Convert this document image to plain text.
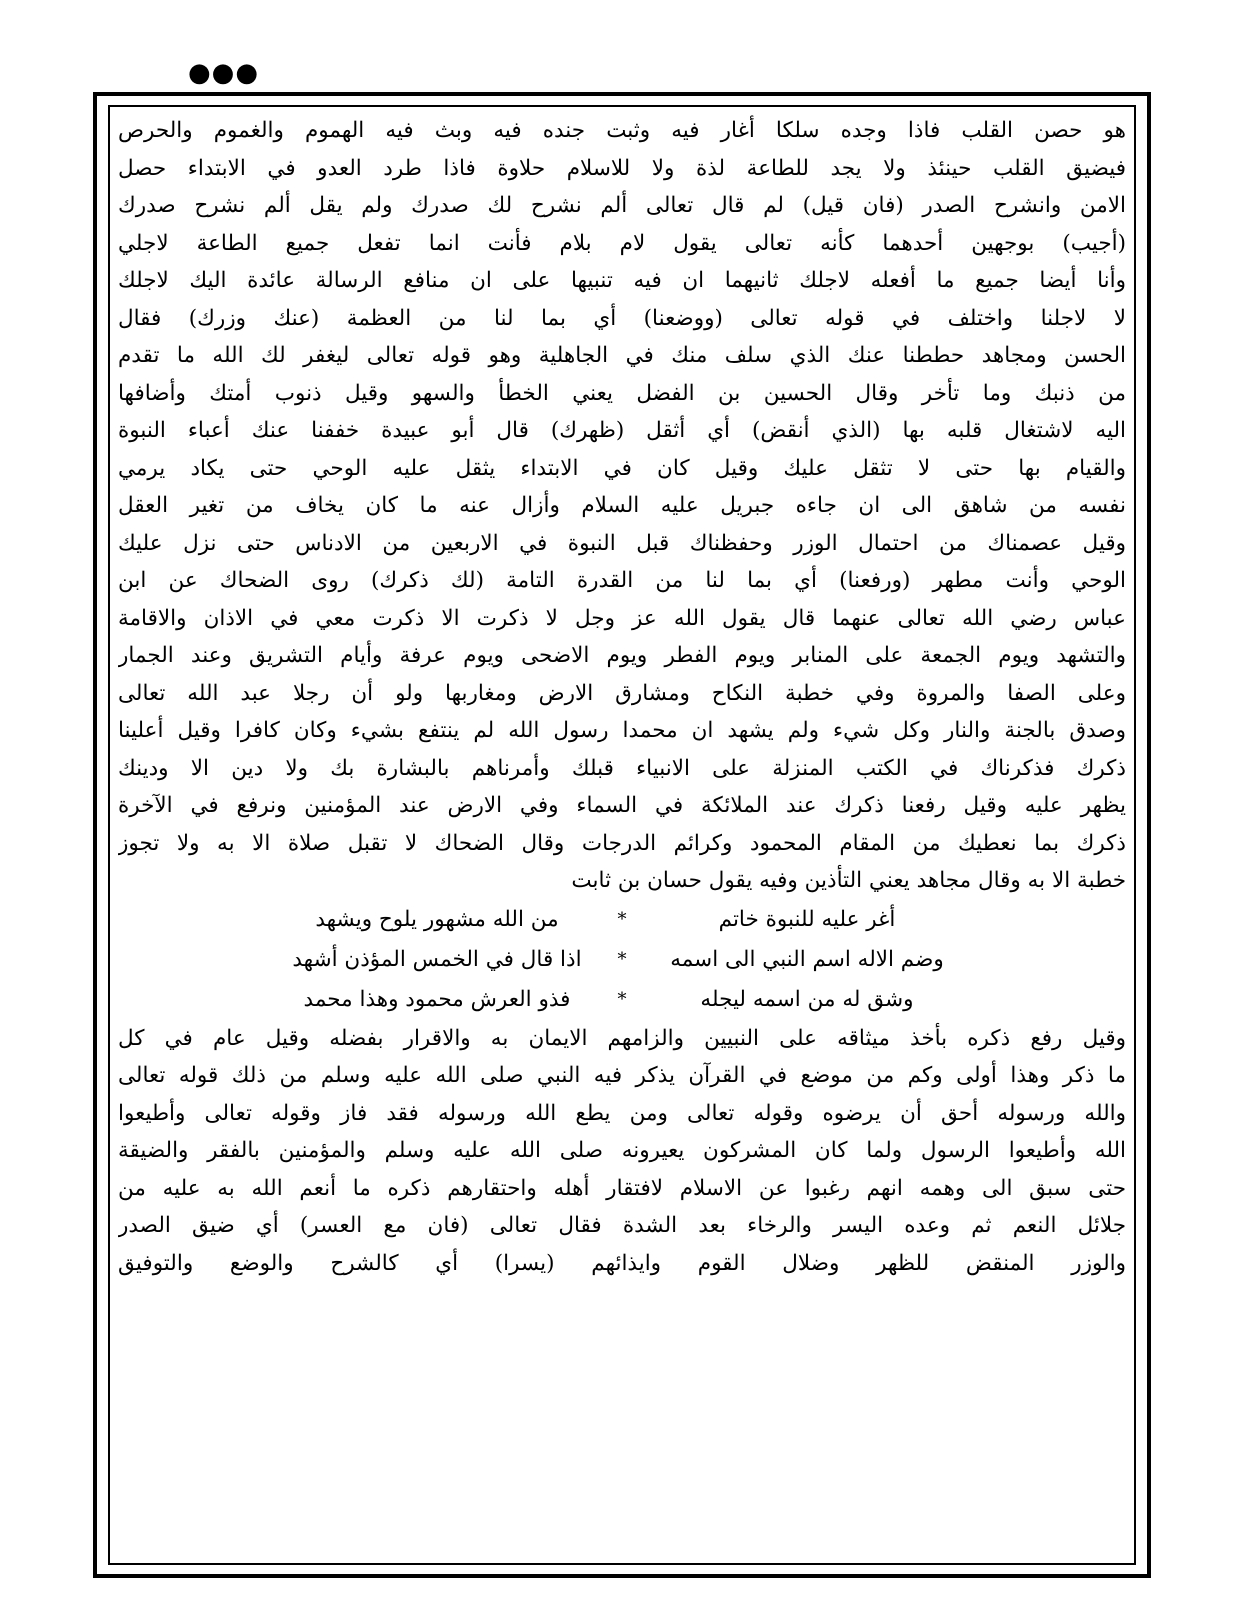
●●●
هو حصن القلب فاذا وجده سلكا أغار فيه وثبت جنده فيه وبث فيه الهموم والغموم والحرص
فيضيق القلب حينئذ ولا يجد للطاعة لذة ولا للاسلام حلاوة فاذا طرد العدو في الابتداء حصل
الامن وانشرح الصدر (فان قيل) لم قال تعالى ألم نشرح لك صدرك ولم يقل ألم نشرح صدرك
(أجيب) بوجهين أحدهما كأنه تعالى يقول لام بلام فأنت انما تفعل جميع الطاعة لاجلي
وأنا أيضا جميع ما أفعله لاجلك ثانيهما ان فيه تنبيها على ان منافع الرسالة عائدة اليك لاجلك
لا لاجلنا واختلف في قوله تعالى (ووضعنا) أي بما لنا من العظمة (عنك وزرك) فقال
الحسن ومجاهد حططنا عنك الذي سلف منك في الجاهلية وهو قوله تعالى ليغفر لك الله ما تقدم
من ذنبك وما تأخر وقال الحسين بن الفضل يعني الخطأ والسهو وقيل ذنوب أمتك وأضافها
اليه لاشتغال قلبه بها (الذي أنقض) أي أثقل (ظهرك) قال أبو عبيدة خففنا عنك أعباء النبوة
والقيام بها حتى لا تثقل عليك وقيل كان في الابتداء يثقل عليه الوحي حتى يكاد يرمي
نفسه من شاهق الى ان جاءه جبريل عليه السلام وأزال عنه ما كان يخاف من تغير العقل
وقيل عصمناك من احتمال الوزر وحفظناك قبل النبوة في الاربعين من الادناس حتى نزل عليك
الوحي وأنت مطهر (ورفعنا) أي بما لنا من القدرة التامة (لك ذكرك) روى الضحاك عن ابن
عباس رضي الله تعالى عنهما قال يقول الله عز وجل لا ذكرت الا ذكرت معي في الاذان والاقامة
والتشهد ويوم الجمعة على المنابر ويوم الفطر ويوم الاضحى ويوم عرفة وأيام التشريق وعند الجمار
وعلى الصفا والمروة وفي خطبة النكاح ومشارق الارض ومغاربها ولو أن رجلا عبد الله تعالى
وصدق بالجنة والنار وكل شيء ولم يشهد ان محمدا رسول الله لم ينتفع بشيء وكان كافرا وقيل أعلينا
ذكرك فذكرناك في الكتب المنزلة على الانبياء قبلك وأمرناهم بالبشارة بك ولا دين الا ودينك
يظهر عليه وقيل رفعنا ذكرك عند الملائكة في السماء وفي الارض عند المؤمنين ونرفع في الآخرة
ذكرك بما نعطيك من المقام المحمود وكرائم الدرجات وقال الضحاك لا تقبل صلاة الا به ولا تجوز
خطبة الا به وقال مجاهد يعني التأذين وفيه يقول حسان بن ثابت
أغر عليه للنبوة خاتم
*
من الله مشهور يلوح ويشهد
وضم الاله اسم النبي الى اسمه
*
اذا قال في الخمس المؤذن أشهد
وشق له من اسمه ليجله
*
فذو العرش محمود وهذا محمد
وقيل رفع ذكره بأخذ ميثاقه على النبيين والزامهم الايمان به والاقرار بفضله وقيل عام في كل
ما ذكر وهذا أولى وكم من موضع في القرآن يذكر فيه النبي صلى الله عليه وسلم من ذلك قوله تعالى
والله ورسوله أحق أن يرضوه وقوله تعالى ومن يطع الله ورسوله فقد فاز وقوله تعالى وأطيعوا
الله وأطيعوا الرسول ولما كان المشركون يعيرونه صلى الله عليه وسلم والمؤمنين بالفقر والضيقة
حتى سبق الى وهمه انهم رغبوا عن الاسلام لافتقار أهله واحتقارهم ذكره ما أنعم الله به عليه من
جلائل النعم ثم وعده اليسر والرخاء بعد الشدة فقال تعالى (فان مع العسر) أي ضيق الصدر
والوزر المنقض للظهر وضلال القوم وايذائهم (يسرا) أي كالشرح والوضع والتوفيق
